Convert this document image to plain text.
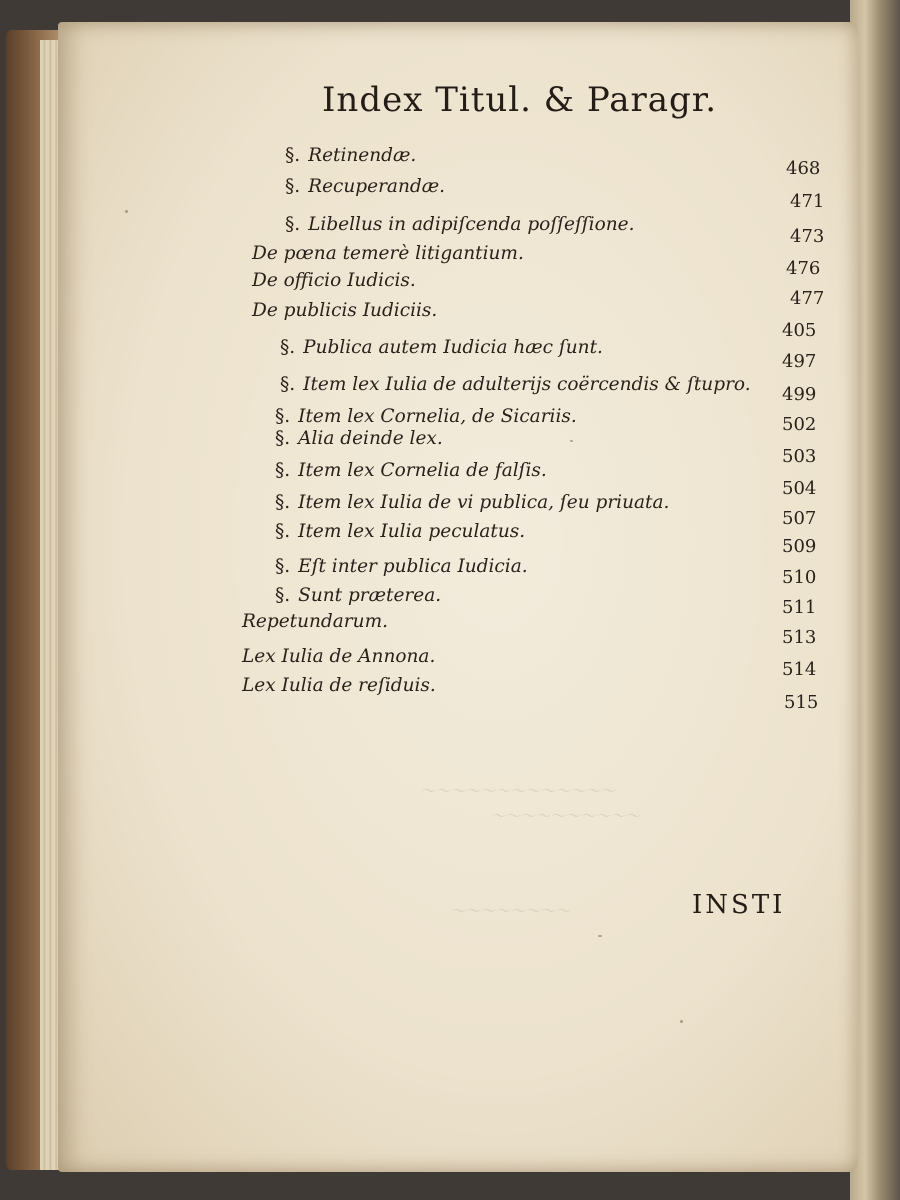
〜〜〜〜〜〜〜〜〜〜〜〜〜
〜〜〜〜〜〜〜〜〜〜
〜〜〜〜〜〜〜〜
Index Titul. & Paragr.
§. Retinendæ.
468
§. Recuperandæ.
471
§. Libellus in adipiſcenda poſſeſſione.
473
De pœna temerè litigantium.
476
De officio Iudicis.
477
De publicis Iudiciis.
405
§. Publica autem Iudicia hæc ſunt.
497
§. Item lex Iulia de adulterijs coërcendis & ſtupro. 499
§. Item lex Cornelia, de Sicariis.	502
§. Alia deinde lex.
503
§. Item lex Cornelia de falſis.
504
§. Item lex Iulia de vi publica, ſeu priuata.
507
§. Item lex Iulia peculatus.
509
§. Eſt inter publica Iudicia.
510
§. Sunt præterea.
511
Repetundarum.
513
Lex Iulia de Annona.
514
Lex Iulia de reſiduis.
515
INSTI
